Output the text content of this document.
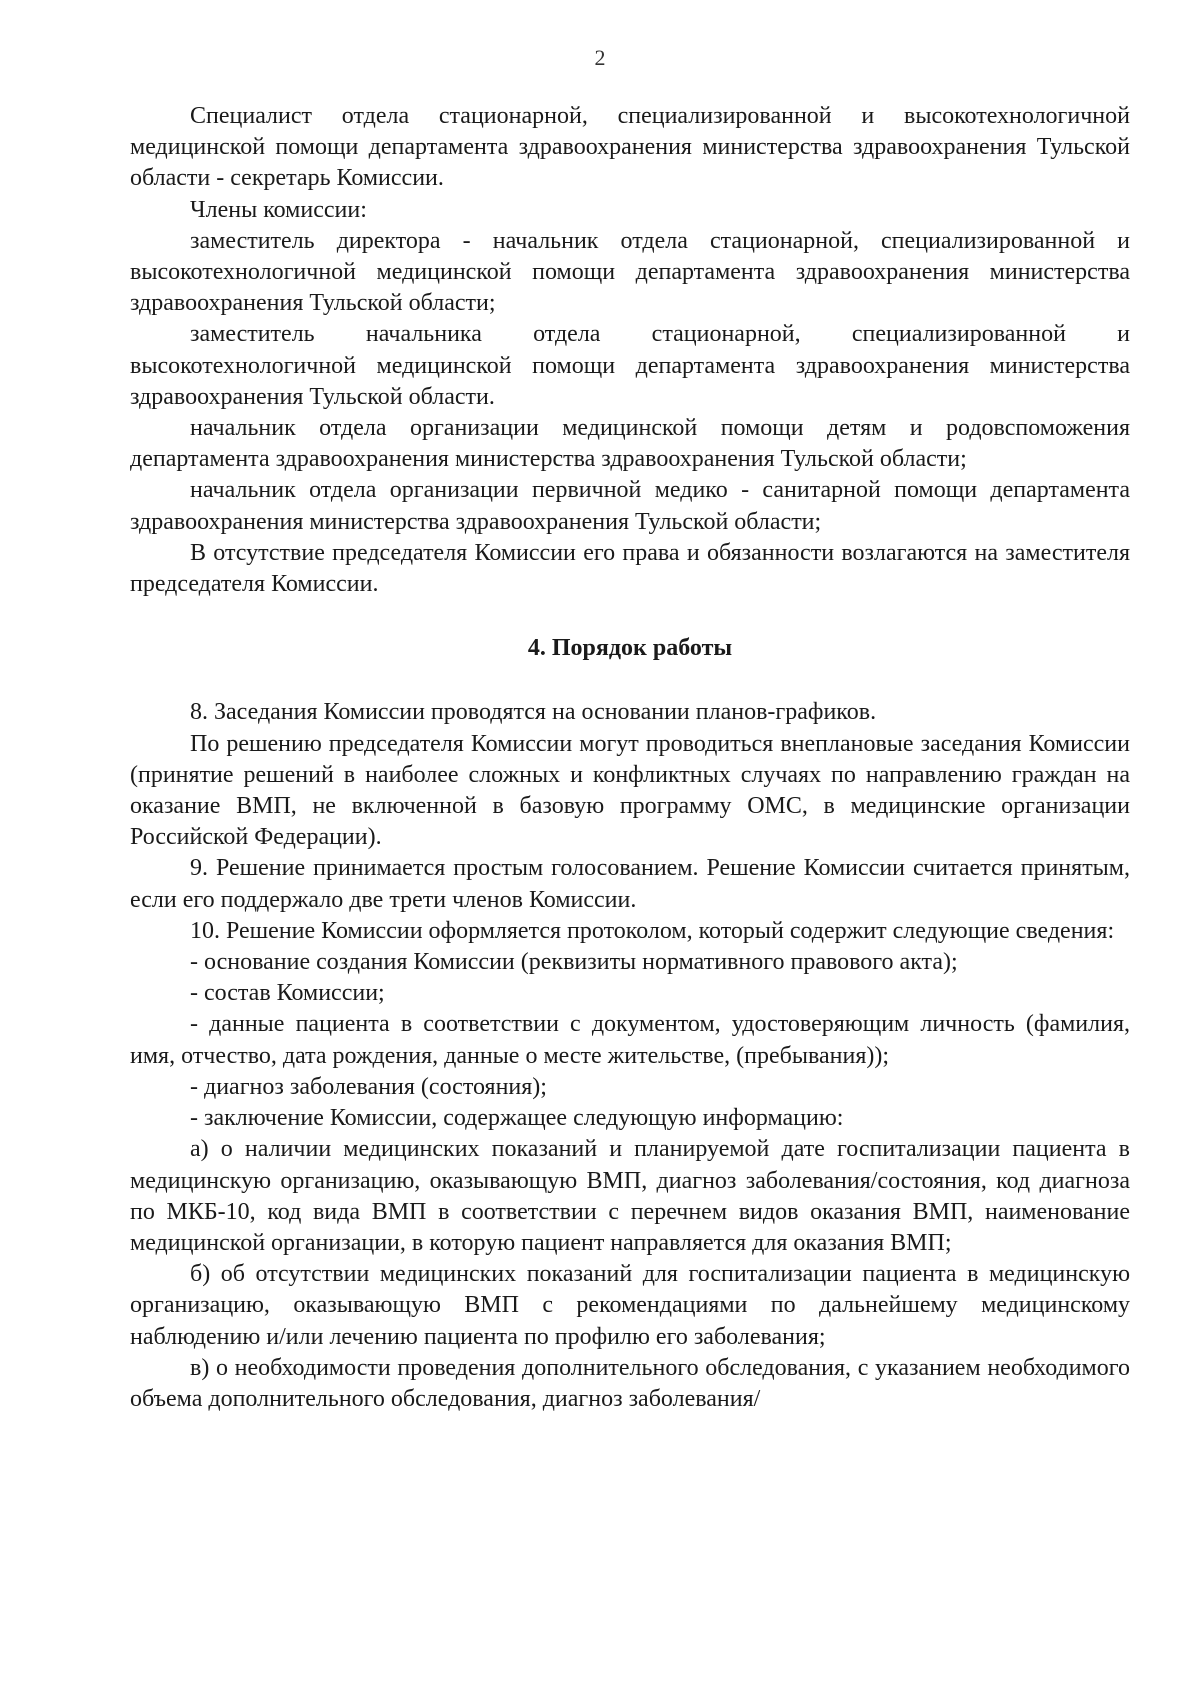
2

Специалист отдела стационарной, специализированной и высокотехнологичной медицинской помощи департамента здравоохранения министерства здравоохранения Тульской области - секретарь Комиссии.

Члены комиссии:

заместитель директора - начальник отдела стационарной, специализированной и высокотехнологичной медицинской помощи департамента здравоохранения министерства здравоохранения Тульской области;

заместитель начальника отдела стационарной, специализированной и высокотехнологичной медицинской помощи департамента здравоохранения министерства здравоохранения Тульской области.

начальник отдела организации медицинской помощи детям и родовспоможения департамента здравоохранения министерства здравоохранения Тульской области;

начальник отдела организации первичной медико - санитарной помощи департамента здравоохранения министерства здравоохранения Тульской области;

В отсутствие председателя Комиссии его права и обязанности возлагаются на заместителя председателя Комиссии.

4. Порядок работы

8. Заседания Комиссии проводятся на основании планов-графиков.

По решению председателя Комиссии могут проводиться внеплановые заседания Комиссии (принятие решений в наиболее сложных и конфликтных случаях по направлению граждан на оказание ВМП, не включенной в базовую программу ОМС, в медицинские организации Российской Федерации).

9. Решение принимается простым голосованием. Решение Комиссии считается принятым, если его поддержало две трети членов Комиссии.

10. Решение Комиссии оформляется протоколом, который содержит следующие сведения:

- основание создания Комиссии (реквизиты нормативного правового акта);

- состав Комиссии;

- данные пациента в соответствии с документом, удостоверяющим личность (фамилия, имя, отчество, дата рождения, данные о месте жительстве, (пребывания));

- диагноз заболевания (состояния);

- заключение Комиссии, содержащее следующую информацию:

а) о наличии медицинских показаний и планируемой дате госпитализации пациента в медицинскую организацию, оказывающую ВМП, диагноз заболевания/состояния, код диагноза по МКБ-10, код вида ВМП в соответствии с перечнем видов оказания ВМП, наименование медицинской организации, в которую пациент направляется для оказания ВМП;

б) об отсутствии медицинских показаний для госпитализации пациента в медицинскую организацию, оказывающую ВМП с рекомендациями по дальнейшему медицинскому наблюдению и/или лечению пациента по профилю его заболевания;

в) о необходимости проведения дополнительного обследования, с указанием необходимого объема дополнительного обследования, диагноз заболевания/
